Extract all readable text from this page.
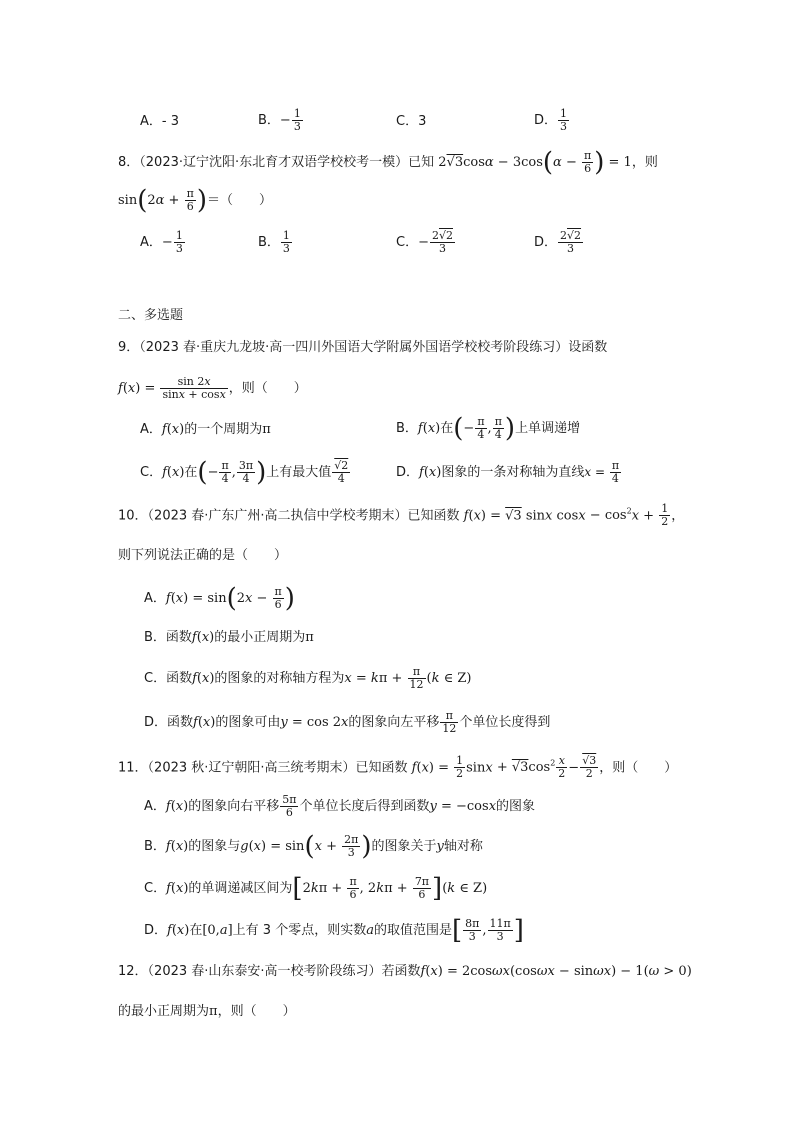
A．- 3	B．− $\frac{1}{3}$	C．3	D． $\frac{1}{3}$
8．（2023·辽宁沈阳·东北育才双语学校校考一模）已知 $2√3\cos\alpha - 3\cos(\alpha - \frac{\pi}{6}$ ) = 1，则
$\sin(2\alpha + \frac{\pi}{6}$ )＝（　　）
A．− $\frac{1}{3}$	B． $\frac{1}{3}$	C．− $\frac{2√2}{3}$	D． $\frac{2√2}{3}$
二、多选题
9．（2023 春·重庆九龙坡·高一四川外国语大学附属外国语学校校考阶段练习）设函数
$f(x) = \frac{\sin 2x}{\sin x + \cos x}$ ，则（　　）
A．f(x)的一个周期为π	B．f(x)在(− $\frac{\pi}{4}$ , $\frac{\pi}{4}$ )上单调递增
C．f(x)在(− $\frac{\pi}{4}$ , $\frac{3\pi}{4}$ )上有最大值 $\frac{√2}{4}$	D．f(x)图象的一条对称轴为直线$x = \frac{\pi}{4}$
10．（2023 春·广东广州·高二执信中学校考期末）已知函数 f(x) = √3 sinx $\cos x - \cos^2x + \frac{1}{2}$ ，
则下列说法正确的是（　　）
A．$f(x) = \sin(2x - \frac{\pi}{6}$ )
B．函数f(x)的最小正周期为π
C．函数f(x)的图象的对称轴方程为$x = k\pi + \frac{\pi}{12} (k$ ∈ Z)
D．函数f(x)的图象可由y = cos 2x的图象向左平移 $\frac{\pi}{12}$ 个单位长度得到
11．（2023 秋·辽宁朝阳·高三统考期末）已知函数 $f(x) = \frac{1}{2}$ $\sin x + √3\cos^2 \frac{x}{2} - \frac{√3}{2}$ ，则（　　）
A．f(x)的图象向右平移 $\frac{5\pi}{6}$ 个单位长度后得到函数y = −cosx的图象
B．f(x)的图象与$g(x) = \sin(x + \frac{2\pi}{3}$ )的图象关于y轴对称
C．f(x)的单调递减区间为[$2k\pi + \frac{\pi}{6}$ , $2k\pi + \frac{7\pi}{6} ](k$ ∈ Z)
D．f(x)在[0,a]上有 3 个零点，则实数a的取值范围是[ $\frac{8\pi}{3}$ , $\frac{11\pi}{3}$ ]
12．（2023 春·山东泰安·高一校考阶段练习）若函数f(x) = 2cosωx(cosωx − sinωx) − 1(ω > 0)
的最小正周期为π，则（　　）
